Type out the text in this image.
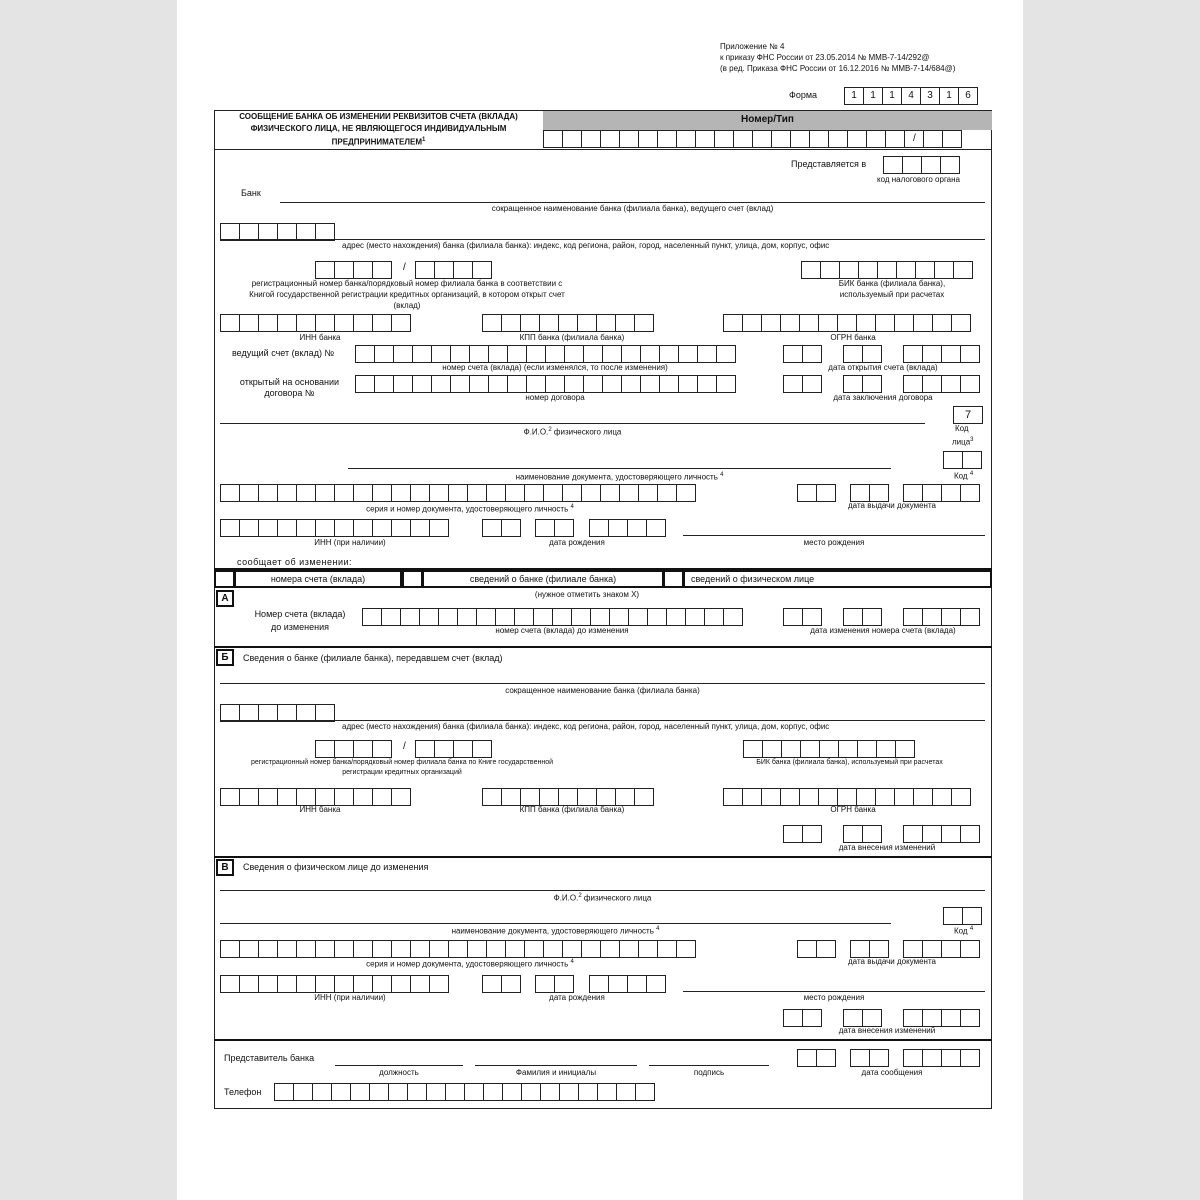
Приложение № 4
к приказу ФНС России от 23.05.2014 № ММВ-7-14/292@
(в ред. Приказа ФНС России от 16.12.2016 № ММВ-7-14/684@)
Форма	1	1	1	4	3	1	6
СООБЩЕНИЕ БАНКА ОБ ИЗМЕНЕНИИ РЕКВИЗИТОВ СЧЕТА (ВКЛАДА)
ФИЗИЧЕСКОГО ЛИЦА, НЕ ЯВЛЯЮЩЕГОСЯ ИНДИВИДУАЛЬНЫМ
ПРЕДПРИНИМАТЕЛЕМ$^1$
Номер/Тип
/
Представляется в
код налогового органа
Банк
сокращенное наименование банка (филиала банка), ведущего счет (вклад)
адрес (место нахождения) банка (филиала банка): индекс, код региона, район, город, населенный пункт, улица, дом, корпус, офис
/
регистрационный номер банка/порядковый номер филиала банка в соответствии с
Книгой государственной регистрации кредитных организаций, в котором открыт счет
(вклад)
БИК банка (филиала банка),
используемый при расчетах
ИНН банка	КПП банка (филиала банка)	ОГРН банка
ведущий счет (вклад) №
номер счета (вклада) (если изменялся, то после изменения)	дата открытия счета (вклада)
открытый на основании
договора №	номер договора	дата заключения договора
7
Ф.И.О.$^2$ физического лица	Код
лица$^3$
наименование документа, удостоверяющего личность $^4$	Код $^4$
серия и номер документа, удостоверяющего личность $^4$	дата выдачи документа
ИНН (при наличии)	дата рождения	место рождения
сообщает об изменении:
номера счета (вклада)	сведений о банке (филиале банка)	сведений о физическом лице
(нужное отметить знаком X)
А
Номер счета (вклада)
до изменения	номер счета (вклада) до изменения	дата изменения номера счета (вклада)
Б	Сведения о банке (филиале банка), передавшем счет (вклад)
сокращенное наименование банка (филиала банка)
адрес (место нахождения) банка (филиала банка): индекс, код региона, район, город, населенный пункт, улица, дом, корпус, офис
/
регистрационный номер банка/порядковый номер филиала банка по Книге государственной
регистрации кредитных организаций
БИК банка (филиала банка), используемый при расчетах
ИНН банка	КПП банка (филиала банка)	ОГРН банка
дата внесения изменений
В	Сведения о физическом лице до изменения
Ф.И.О.$^2$ физического лица
наименование документа, удостоверяющего личность $^4$	Код $^4$
серия и номер документа, удостоверяющего личность $^4$	дата выдачи документа
ИНН (при наличии)	дата рождения	место рождения
дата внесения изменений
Представитель банка
должность	Фамилия и инициалы	подпись	дата сообщения
Телефон
